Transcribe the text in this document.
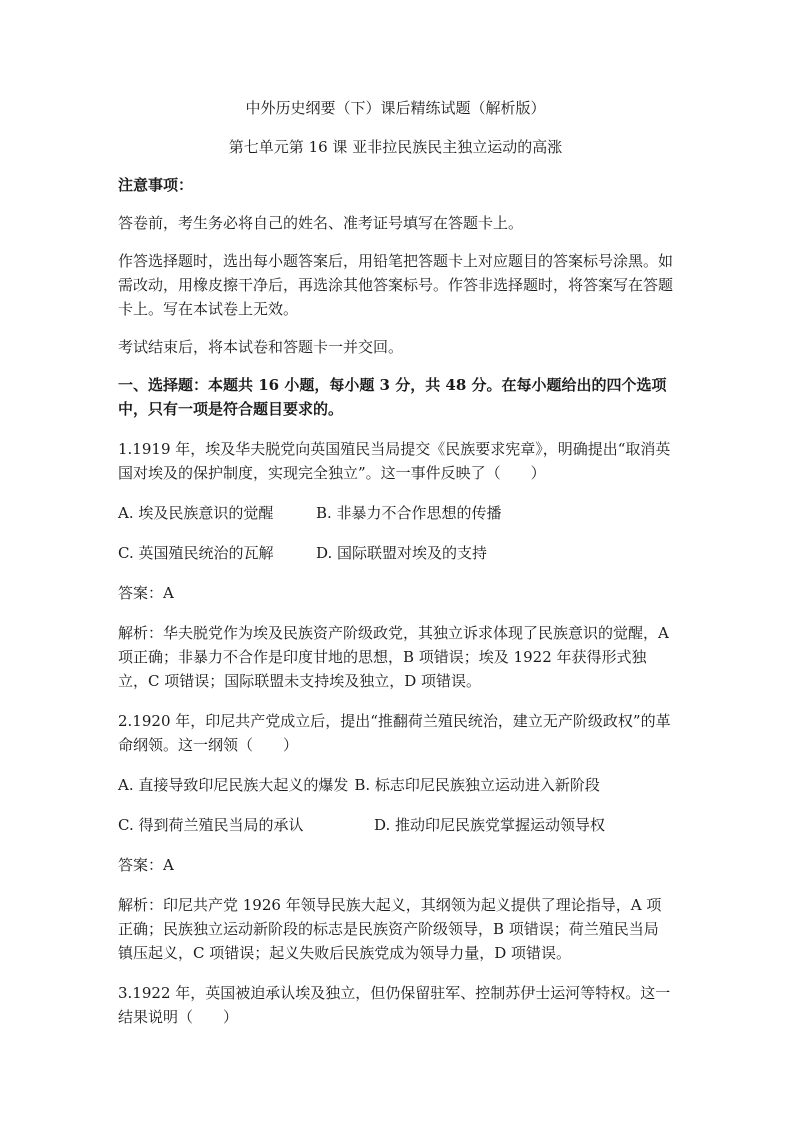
中外历史纲要（下）课后精练试题（解析版）
第七单元第 16 课 亚非拉民族民主独立运动的高涨

注意事项：

答卷前，考生务必将自己的姓名、准考证号填写在答题卡上。

作答选择题时，选出每小题答案后，用铅笔把答题卡上对应题目的答案标号涂黑。如需改动，用橡皮擦干净后，再选涂其他答案标号。作答非选择题时，将答案写在答题卡上。写在本试卷上无效。

考试结束后，将本试卷和答题卡一并交回。

一、选择题：本题共 16 小题，每小题 3 分，共 48 分。在每小题给出的四个选项中，只有一项是符合题目要求的。

1.1919 年，埃及华夫脱党向英国殖民当局提交《民族要求宪章》，明确提出“取消英国对埃及的保护制度，实现完全独立”。这一事件反映了（　　）

A. 埃及民族意识的觉醒	B. 非暴力不合作思想的传播
C. 英国殖民统治的瓦解	D. 国际联盟对埃及的支持

答案：A

解析：华夫脱党作为埃及民族资产阶级政党，其独立诉求体现了民族意识的觉醒，A 项正确；非暴力不合作是印度甘地的思想，B 项错误；埃及 1922 年获得形式独立，C 项错误；国际联盟未支持埃及独立，D 项错误。

2.1920 年，印尼共产党成立后，提出“推翻荷兰殖民统治，建立无产阶级政权”的革命纲领。这一纲领（　　）

A. 直接导致印尼民族大起义的爆发 B. 标志印尼民族独立运动进入新阶段
C. 得到荷兰殖民当局的承认	D. 推动印尼民族党掌握运动领导权

答案：A

解析：印尼共产党 1926 年领导民族大起义，其纲领为起义提供了理论指导，A 项正确；民族独立运动新阶段的标志是民族资产阶级领导，B 项错误；荷兰殖民当局镇压起义，C 项错误；起义失败后民族党成为领导力量，D 项错误。

3.1922 年，英国被迫承认埃及独立，但仍保留驻军、控制苏伊士运河等特权。这一结果说明（　　）
